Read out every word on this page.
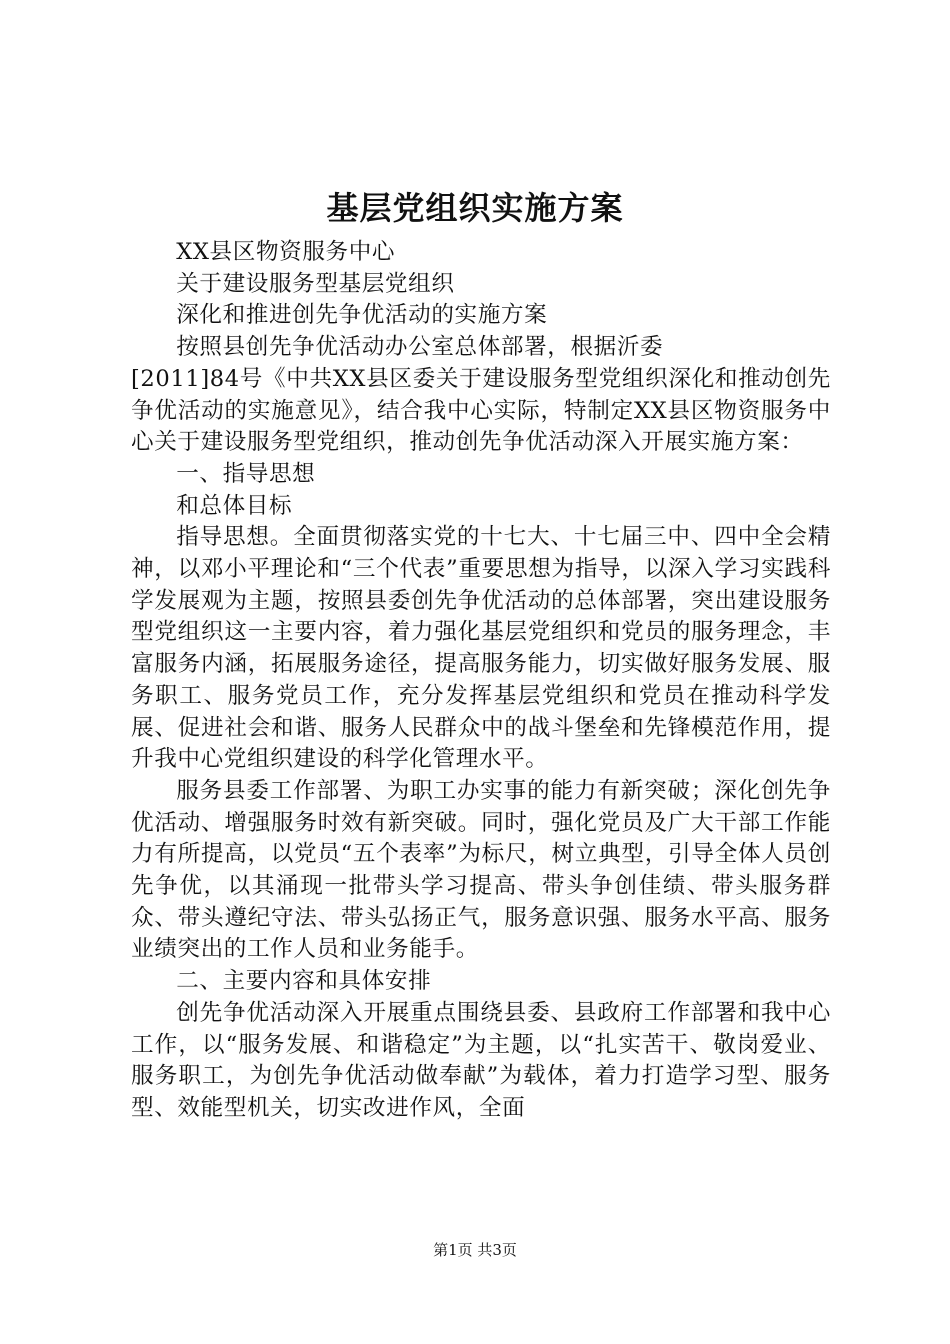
基层党组织实施方案

XX县区物资服务中心

关于建设服务型基层党组织

深化和推进创先争优活动的实施方案

按照县创先争优活动办公室总体部署，根据沂委

[2011]84号《中共XX县区委关于建设服务型党组织深化和推动创先争优活动的实施意见》，结合我中心实际，特制定XX县区物资服务中心关于建设服务型党组织，推动创先争优活动深入开展实施方案：

一、指导思想

和总体目标

指导思想。全面贯彻落实党的十七大、十七届三中、四中全会精神，以邓小平理论和“三个代表”重要思想为指导，以深入学习实践科学发展观为主题，按照县委创先争优活动的总体部署，突出建设服务型党组织这一主要内容，着力强化基层党组织和党员的服务理念，丰富服务内涵，拓展服务途径，提高服务能力，切实做好服务发展、服务职工、服务党员工作，充分发挥基层党组织和党员在推动科学发展、促进社会和谐、服务人民群众中的战斗堡垒和先锋模范作用，提升我中心党组织建设的科学化管理水平。

服务县委工作部署、为职工办实事的能力有新突破；深化创先争优活动、增强服务时效有新突破。同时，强化党员及广大干部工作能力有所提高，以党员“五个表率”为标尺，树立典型，引导全体人员创先争优，以其涌现一批带头学习提高、带头争创佳绩、带头服务群众、带头遵纪守法、带头弘扬正气，服务意识强、服务水平高、服务业绩突出的工作人员和业务能手。

二、主要内容和具体安排

创先争优活动深入开展重点围绕县委、县政府工作部署和我中心工作，以“服务发展、和谐稳定”为主题，以“扎实苦干、敬岗爱业、服务职工，为创先争优活动做奉献”为载体，着力打造学习型、服务型、效能型机关，切实改进作风，全面

第1页 共3页
